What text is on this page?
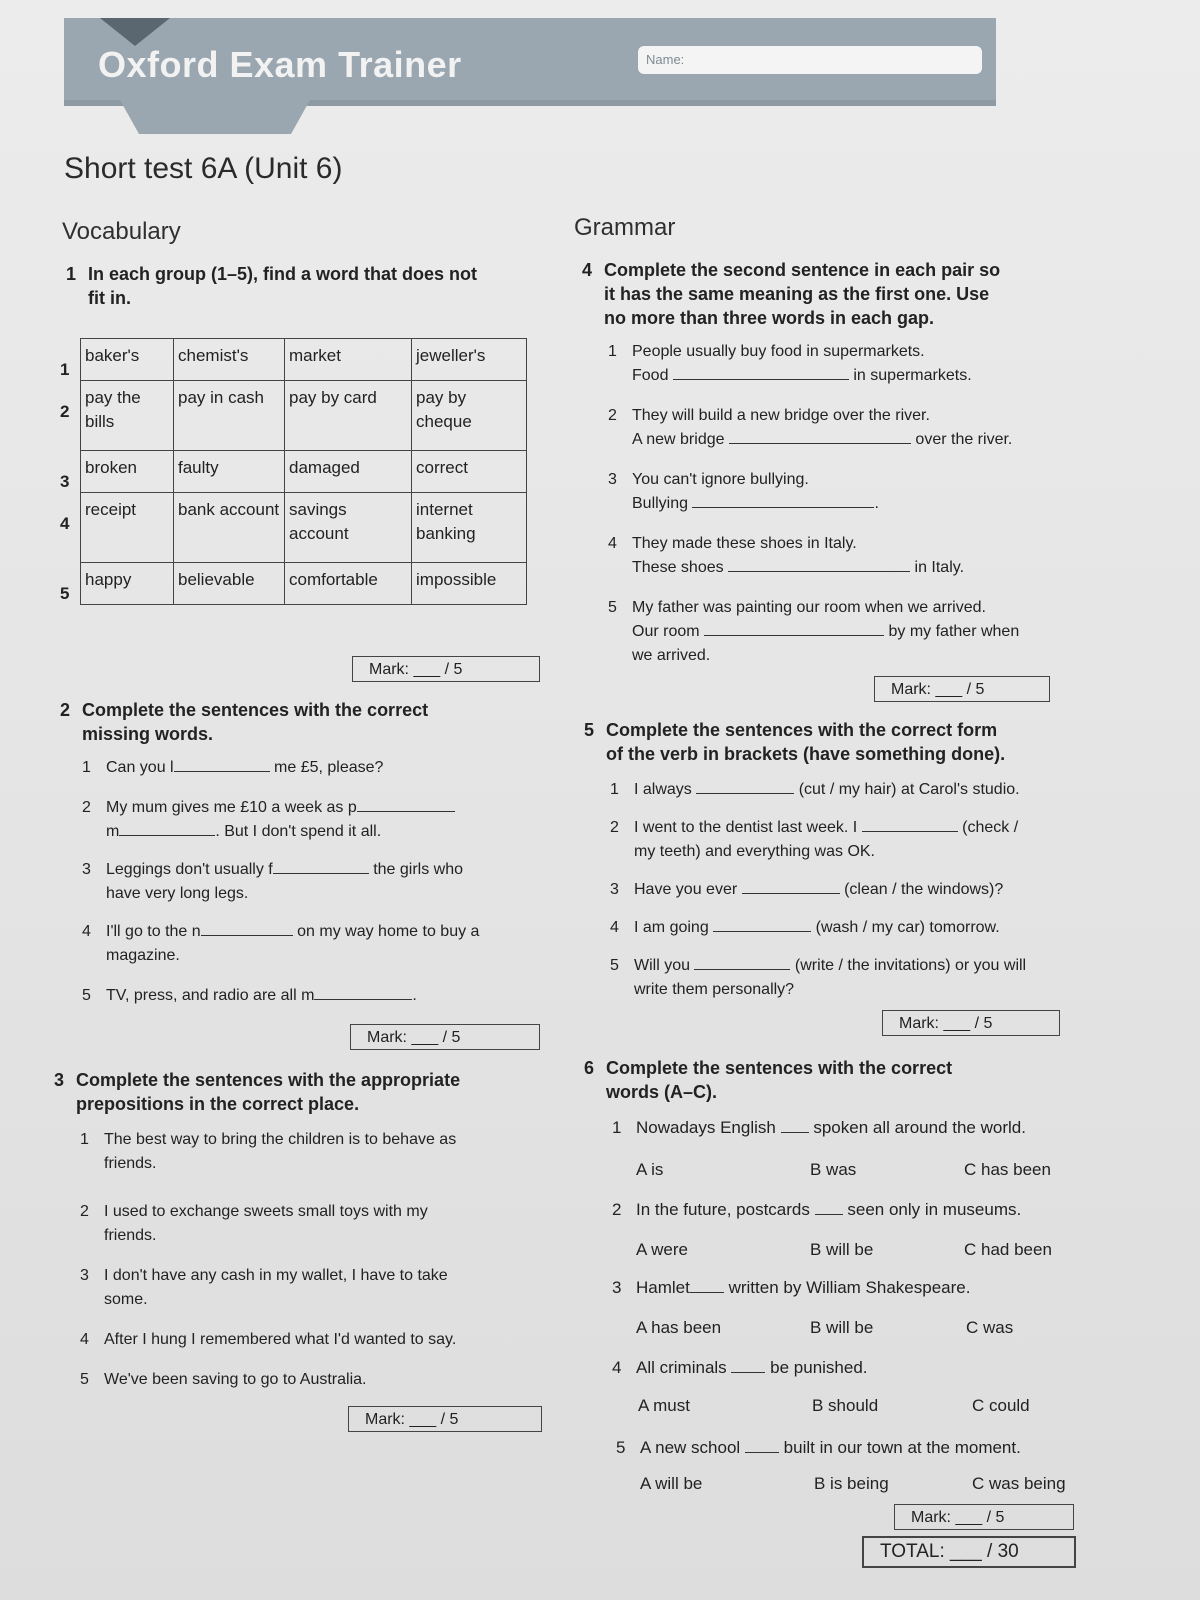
Oxford Exam Trainer	Name:
Short test 6A (Unit 6)
Vocabulary
1 In each group (1–5), find a word that does not
fit in.
1
2
3
4
5
baker's	chemist's	market	jeweller's
pay the bills	pay in cash	pay by card	pay by cheque
broken	faulty	damaged	correct
receipt	bank account	savings account	internet banking
happy	believable	comfortable	impossible
Mark: ___ / 5
2 Complete the sentences with the correct
missing words.
1 Can you l	me £5, please?
2 My mum gives me £10 a week as p
m	. But I don't spend it all.
3 Leggings don't usually f	the girls who
have very long legs.
4 I'll go to the n	on my way home to buy a
magazine.
5 TV, press, and radio are all m	.
Mark: ___ / 5
3 Complete the sentences with the appropriate
prepositions in the correct place.
1 The best way to bring the children is to behave as
friends.
2 I used to exchange sweets small toys with my
friends.
3 I don't have any cash in my wallet, I have to take
some.
4 After I hung I remembered what I'd wanted to say.
5 We've been saving to go to Australia.
Mark: ___ / 5
Grammar
4 Complete the second sentence in each pair so
it has the same meaning as the first one. Use
no more than three words in each gap.
1 People usually buy food in supermarkets.
Food	in supermarkets.
2 They will build a new bridge over the river.
A new bridge	over the river.
3 You can't ignore bullying.
Bullying	.
4 They made these shoes in Italy.
These shoes	in Italy.
5 My father was painting our room when we arrived.
Our room	by my father when
we arrived.
Mark: ___ / 5
5 Complete the sentences with the correct form
of the verb in brackets (have something done).
1 I always	(cut / my hair) at Carol's studio.
2 I went to the dentist last week. I	(check /
my teeth) and everything was OK.
3 Have you ever	(clean / the windows)?
4 I am going	(wash / my car) tomorrow.
5 Will you	(write / the invitations) or you will
write them personally?
Mark: ___ / 5
6 Complete the sentences with the correct
words (A–C).
1 Nowadays English spoken all around the world.
A is	B was	C has been
2 In the future, postcards seen only in museums.
A were	B will be	C had been
3 Hamlet written by William Shakespeare.
A has been	B will be	C was
4 All criminals	be punished.
A must	B should	C could
5 A new school	built in our town at the moment.
A will be	B is being	C was being
Mark: ___ / 5
TOTAL: ___ / 30
